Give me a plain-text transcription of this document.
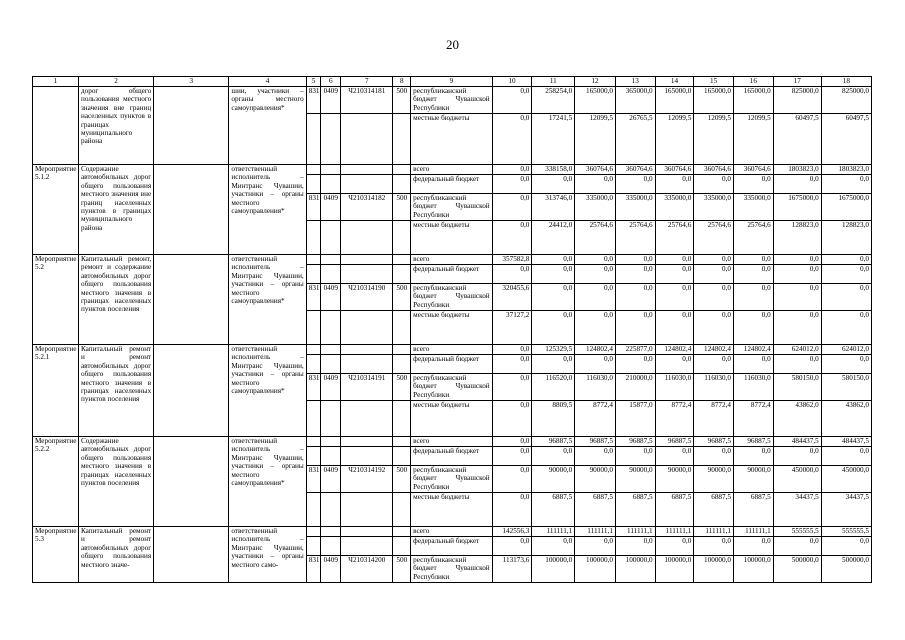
20
1	2	3	4	5	6	7	8	9	10	11	12	13	14	15	16	17	18
	дорог общего пользования местного значения вне границ населенных пунктов в границах муниципального района		шии, участники – органы местного самоуправления*	831	0409	Ч210314181	500	республиканский бюджет Чувашской Республики	0,0	258254,0	165000,0	365000,0	165000,0	165000,0	165000,0	825000,0	825000,0
								местные бюджеты	0,0	17241,5	12099,5	26765,5	12099,5	12099,5	12099,5	60497,5	60497,5
Мероприятие 5.1.2	Содержание автомобильных дорог общего пользования местного значения вне границ населенных пунктов в границах муниципального района		ответственный исполнитель – Минтранс Чувашии, участники – органы местного самоуправления*					всего	0,0	338158,0	360764,6	360764,6	360764,6	360764,6	360764,6	1803823,0	1803823,0
								федеральный бюджет	0,0	0,0	0,0	0,0	0,0	0,0	0,0	0,0	0,0
				831	0409	Ч210314182	500	республиканский бюджет Чувашской Республики	0,0	313746,0	335000,0	335000,0	335000,0	335000,0	335000,0	1675000,0	1675000,0
								местные бюджеты	0,0	24412,0	25764,6	25764,6	25764,6	25764,6	25764,6	128823,0	128823,0
Мероприятие 5.2	Капитальный ремонт, ремонт и содержание автомобильных дорог общего пользования местного значения в границах населенных пунктов поселения		ответственный исполнитель – Минтранс Чувашии, участники – органы местного самоуправления*					всего	357582,8	0,0	0,0	0,0	0,0	0,0	0,0	0,0	0,0
								федеральный бюджет	0,0	0,0	0,0	0,0	0,0	0,0	0,0	0,0	0,0
				831	0409	Ч210314190	500	республиканский бюджет Чувашской Республики	320455,6	0,0	0,0	0,0	0,0	0,0	0,0	0,0	0,0
								местные бюджеты	37127,2	0,0	0,0	0,0	0,0	0,0	0,0	0,0	0,0
Мероприятие 5.2.1	Капитальный ремонт и ремонт автомобильных дорог общего пользования местного значения в границах населенных пунктов поселения		ответственный исполнитель – Минтранс Чувашии, участники – органы местного самоуправления*					всего	0,0	125329,5	124802,4	225877,0	124802,4	124802,4	124802,4	624012,0	624012,0
								федеральный бюджет	0,0	0,0	0,0	0,0	0,0	0,0	0,0	0,0	0,0
				831	0409	Ч210314191	500	республиканский бюджет Чувашской Республики	0,0	116520,0	116030,0	210000,0	116030,0	116030,0	116030,0	580150,0	580150,0
								местные бюджеты	0,0	8809,5	8772,4	15877,0	8772,4	8772,4	8772,4	43862,0	43862,0
Мероприятие 5.2.2	Содержание автомобильных дорог общего пользования местного значения в границах населенных пунктов поселения		ответственный исполнитель – Минтранс Чувашии, участники – органы местного самоуправления*					всего	0,0	96887,5	96887,5	96887,5	96887,5	96887,5	96887,5	484437,5	484437,5
								федеральный бюджет	0,0	0,0	0,0	0,0	0,0	0,0	0,0	0,0	0,0
				831	0409	Ч210314192	500	республиканский бюджет Чувашской Республики	0,0	90000,0	90000,0	90000,0	90000,0	90000,0	90000,0	450000,0	450000,0
								местные бюджеты	0,0	6887,5	6887,5	6887,5	6887,5	6887,5	6887,5	34437,5	34437,5
Мероприятие 5.3	Капитальный ремонт и ремонт автомобильных дорог общего пользования местного значе-		ответственный исполнитель – Минтранс Чувашии, участники – органы местного само-					всего	142556,3	111111,1	111111,1	111111,1	111111,1	111111,1	111111,1	555555,5	555555,5
								федеральный бюджет	0,0	0,0	0,0	0,0	0,0	0,0	0,0	0,0	0,0
				831	0409	Ч210314200	500	республиканский бюджет Чувашской Республики	113173,6	100000,0	100000,0	100000,0	100000,0	100000,0	100000,0	500000,0	500000,0
